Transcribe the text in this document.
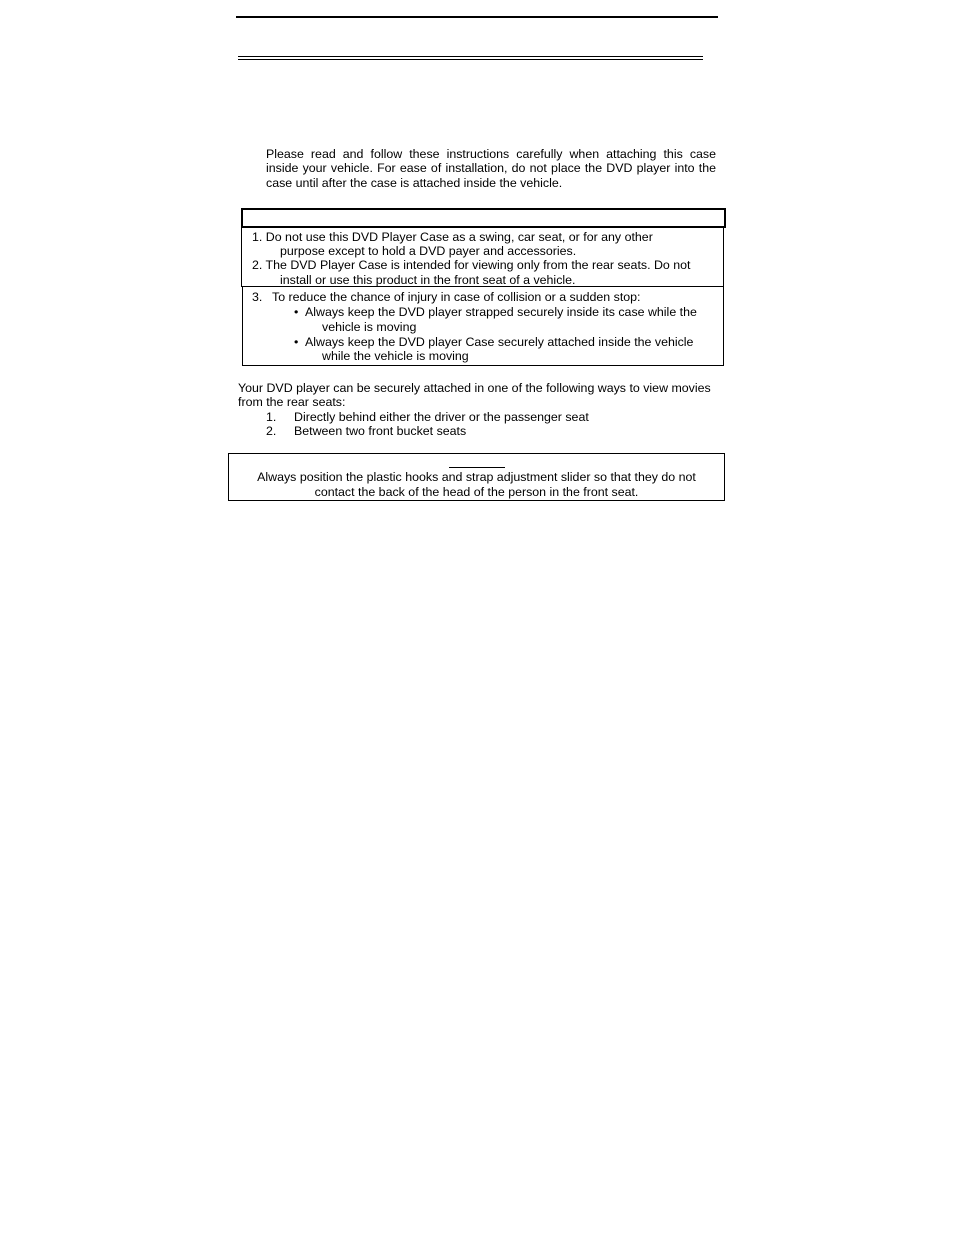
Please read and follow these instructions carefully when attaching this case
inside your vehicle. For ease of installation, do not place the DVD player into the
case until after the case is attached inside the vehicle.
1. Do not use this DVD Player Case as a swing, car seat, or for any other
purpose except to hold a DVD payer and accessories.
2. The DVD Player Case is intended for viewing only from the rear seats. Do not
install or use this product in the front seat of a vehicle.
3. To reduce the chance of injury in case of collision or a sudden stop:
• Always keep the DVD player strapped securely inside its case while the
vehicle is moving
• Always keep the DVD player Case securely attached inside the vehicle
while the vehicle is moving
Your DVD player can be securely attached in one of the following ways to view movies
from the rear seats:
1. Directly behind either the driver or the passenger seat
2. Between two front bucket seats
Always position the plastic hooks and strap adjustment slider so that they do not
contact the back of the head of the person in the front seat.
